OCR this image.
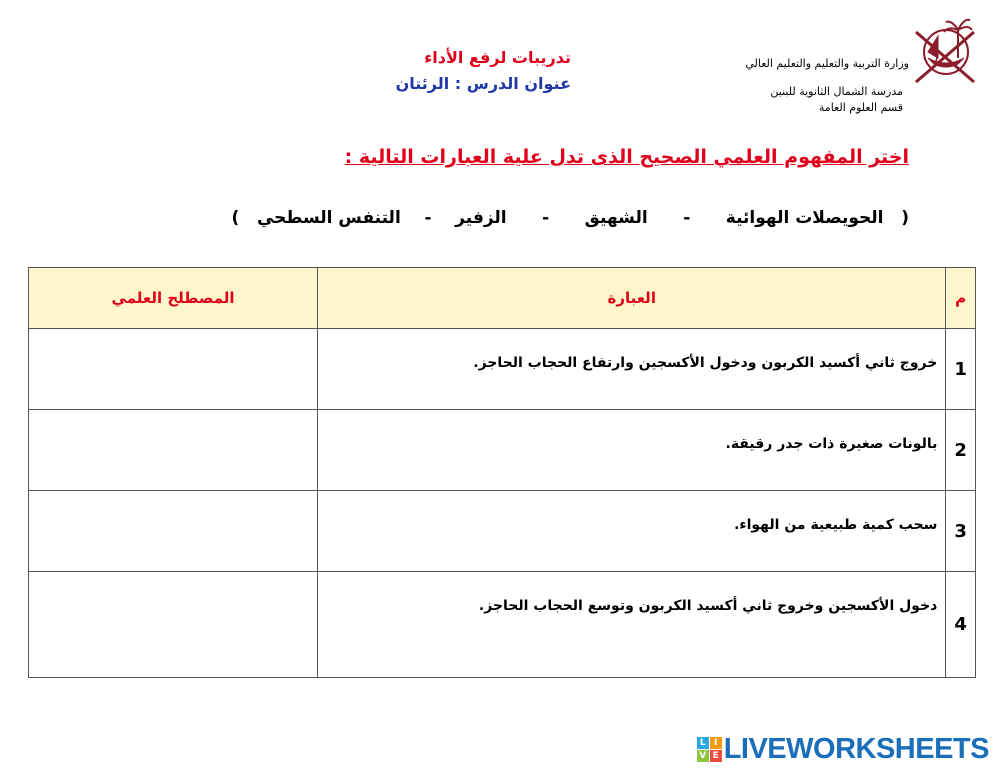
وزارة التربية والتعليم والتعليم العالي
مدرسة الشمال الثانوية للبنين
قسم العلوم العامة
تدريبات لرفع الأداء
عنوان الدرس : الرئتان
اختر المفهوم العلمي الصحيح الذى تدل علية العبارات التالية :
(   الحويصلات الهوائية      -      الشهيق      -      الزفير    -    التنفس السطحي   )
المصطلح العلمي	العبارة	م
	خروج ثاني أكسيد الكربون ودخول الأكسجين وارتفاع الحجاب الحاجز.	1
	بالونات صغيرة ذات جدر رقيقة.	2
	سحب كمية طبيعية من الهواء.	3
	دخول الأكسجين وخروج ثاني أكسيد الكربون وتوسع الحجاب الحاجز.	4
L I
V E LIVEWORKSHEETS
